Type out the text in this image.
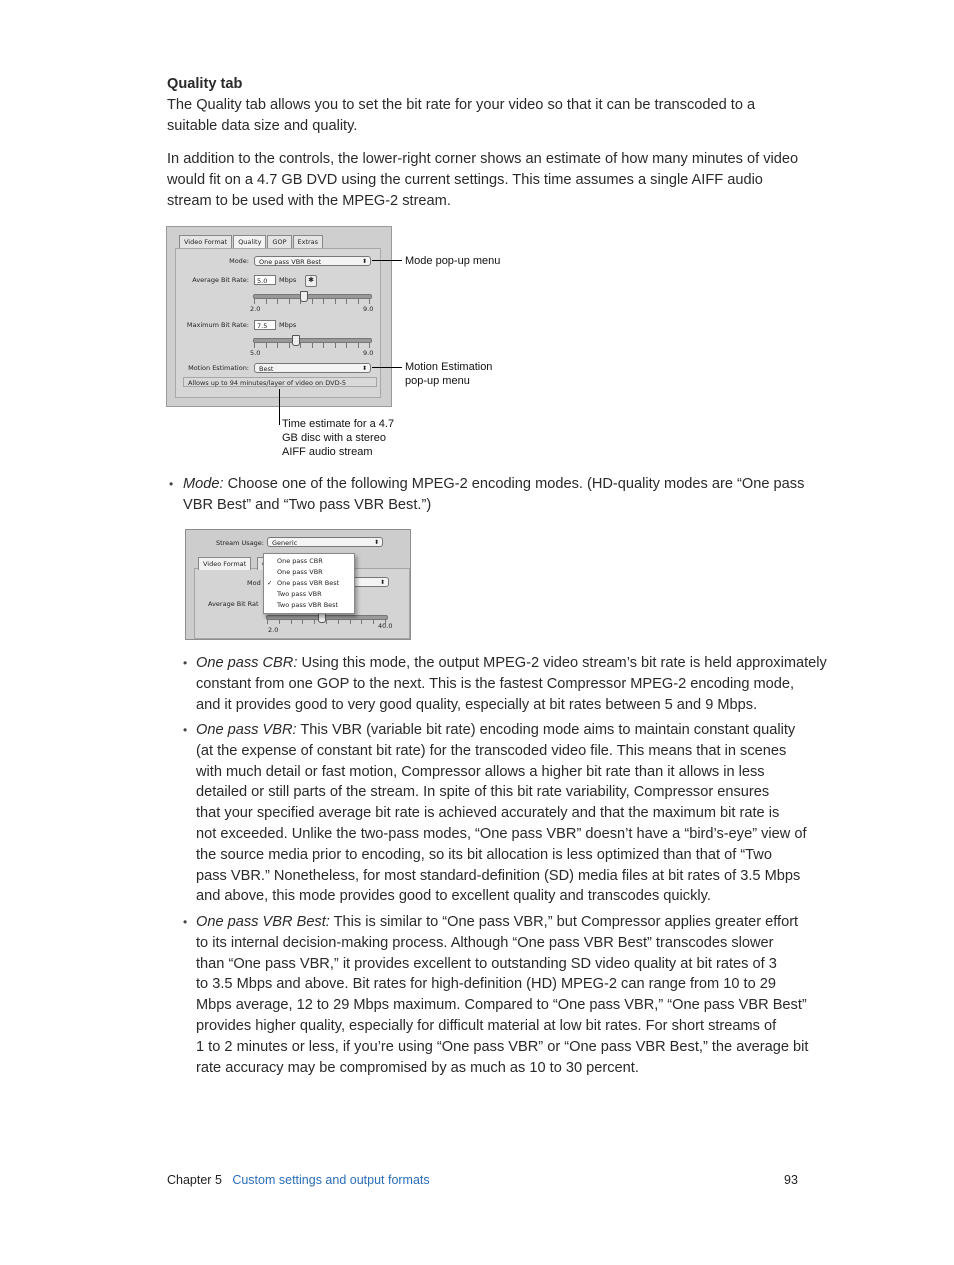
Quality tab
The Quality tab allows you to set the bit rate for your video so that it can be transcoded to a suitable data size and quality.
In addition to the controls, the lower-right corner shows an estimate of how many minutes of video would fit on a 4.7 GB DVD using the current settings. This time assumes a single AIFF audio stream to be used with the MPEG-2 stream.
Video Format	Quality	GOP	Extras
Mode:	One pass VBR Best	⬍
Average Bit Rate:	5.0	Mbps	✱
2.0	9.0
Maximum Bit Rate:	7.5	Mbps
5.0	9.0
Motion Estimation:	Best	⬍
Allows up to 94 minutes/layer of video on DVD-5
Mode pop-up menu
Motion Estimation
pop-up menu
Time estimate for a 4.7
GB disc with a stereo
AIFF audio stream
• Mode: Choose one of the following MPEG-2 encoding modes. (HD-quality modes are “One pass
VBR Best” and “Two pass VBR Best.”)
Stream Usage:	Generic	⬍
Video Format
Mod	⬍
Average Bit Rat
2.0	40.0
One pass CBR
One pass VBR
✓ One pass VBR Best
Two pass VBR
Two pass VBR Best
• One pass CBR: Using this mode, the output MPEG-2 video stream’s bit rate is held approximately
constant from one GOP to the next. This is the fastest Compressor MPEG-2 encoding mode,
and it provides good to very good quality, especially at bit rates between 5 and 9 Mbps.
• One pass VBR: This VBR (variable bit rate) encoding mode aims to maintain constant quality
(at the expense of constant bit rate) for the transcoded video file. This means that in scenes
with much detail or fast motion, Compressor allows a higher bit rate than it allows in less
detailed or still parts of the stream. In spite of this bit rate variability, Compressor ensures
that your specified average bit rate is achieved accurately and that the maximum bit rate is
not exceeded. Unlike the two-pass modes, “One pass VBR” doesn’t have a “bird’s-eye” view of
the source media prior to encoding, so its bit allocation is less optimized than that of “Two
pass VBR.” Nonetheless, for most standard-definition (SD) media files at bit rates of 3.5 Mbps
and above, this mode provides good to excellent quality and transcodes quickly.
• One pass VBR Best: This is similar to “One pass VBR,” but Compressor applies greater effort
to its internal decision-making process. Although “One pass VBR Best” transcodes slower
than “One pass VBR,” it provides excellent to outstanding SD video quality at bit rates of 3
to 3.5 Mbps and above. Bit rates for high-definition (HD) MPEG-2 can range from 10 to 29
Mbps average, 12 to 29 Mbps maximum. Compared to “One pass VBR,” “One pass VBR Best”
provides higher quality, especially for difficult material at low bit rates. For short streams of
1 to 2 minutes or less, if you’re using “One pass VBR” or “One pass VBR Best,” the average bit
rate accuracy may be compromised by as much as 10 to 30 percent.
Chapter 5 Custom settings and output formats	93
